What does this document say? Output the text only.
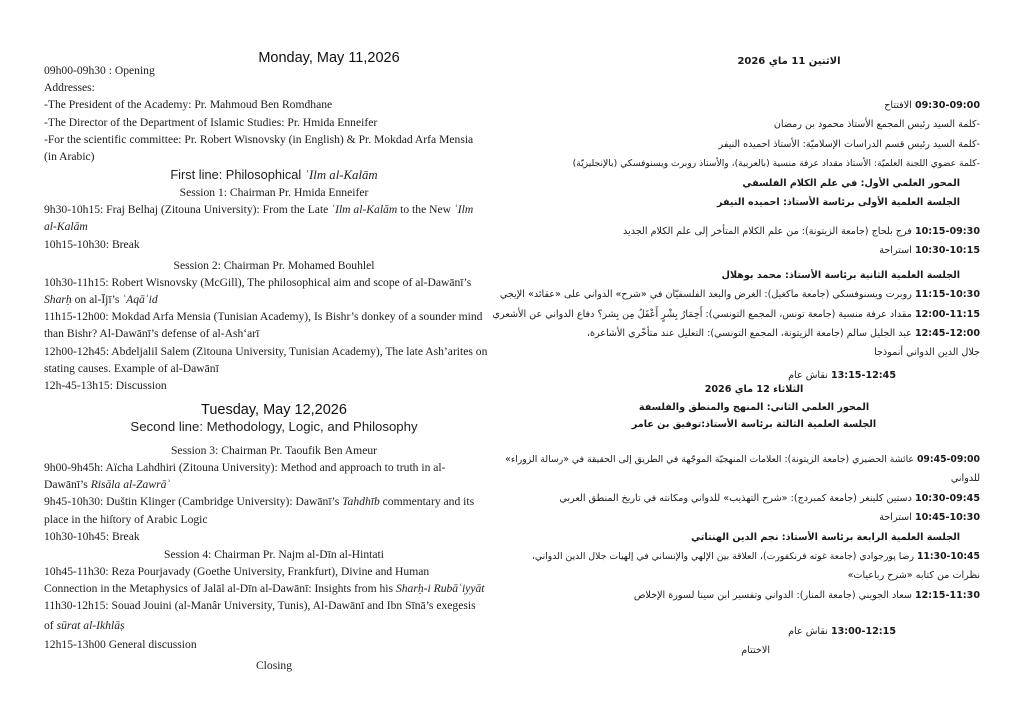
Monday, May 11,2026
09h00-09h30 : Opening
Addresses:
-The President of the Academy: Pr. Mahmoud Ben Romdhane
-The Director of the Department of Islamic Studies: Pr. Hmida Enneifer
-For the scientific committee: Pr. Robert Wisnovsky (in English) & Pr. Mokdad Arfa Mensia
(in Arabic)
First line: Philosophical ʿIlm al-Kalām
Session 1: Chairman Pr. Hmida Enneifer
9h30-10h15: Fraj Belhaj (Zitouna University): From the Late ʿIlm al-Kalām to the New ʿIlm
al-Kalām
10h15-10h30: Break
Session 2: Chairman Pr. Mohamed Bouhlel
10h30-11h15: Robert Wisnovsky (McGill), The philosophical aim and scope of al-Dawānī’s
Sharḥ on al-Ījī’s ʿAqāʾid
11h15-12h00: Mokdad Arfa Mensia (Tunisian Academy), Is Bishr’s donkey of a sounder mind
than Bishr? Al-Dawānī’s defense of al-Ash‘arī
12h00-12h45: Abdeljalil Salem (Zitouna University, Tunisian Academy), The late Ash’arites on
stating causes. Example of al-Dawānī
12h-45-13h15: Discussion
Tuesday, May 12,2026
Second line: Methodology, Logic, and Philosophy
Session 3: Chairman Pr. Taoufik Ben Ameur
9h00-9h45h: Aïcha Lahdhiri (Zitouna University): Method and approach to truth in al-
Dawānī’s Risāla al-Zawrāʾ
9h45-10h30: Duštin Klinger (Cambridge University): Dawānī’s Tahdhīb commentary and its
place in the hiſtory of Arabic Logic
10h30-10h45: Break
Session 4: Chairman Pr. Najm al-Dīn al-Hintati
10h45-11h30: Reza Pourjavady (Goethe University, Frankfurt), Divine and Human
Connection in the Metaphysics of Jalāl al-Dīn al-Dawānī: Insights from his Sharḥ-i Rubāʿiyyāt
11h30-12h15: Souad Jouini (al-Manâr University, Tunis), Al-Dawānī and Ibn Sīnā’s exegesis
of sūrat al-Ikhlāṣ
12h15-13h00 General discussion
Closing
الاثنين 11 ماي 2026
09:30-09:00 الافتتاح
-كلمة السيد رئيس المجمع الأستاذ محمود بن رمضان
-كلمة السيد رئيس قسم الدراسات الإسلاميّة: الأستاذ احميده النيفر
-كلمة عضوي اللجنة العلميّة: الأستاذ مقداد عرفة منسية (بالعربية)، والأستاذ روبرت ويسنوفسكي (بالإنجليزيّة)
المحور العلمي الأول: في علم الكلام الفلسفي
الجلسة العلمية الأولى برئاسة الأستاذ: احميده النيفر
10:15-09:30 فرج بلحاج (جامعة الزيتونة): من علم الكلام المتأخر إلى علم الكلام الجديد
10:30-10:15 استراحة
الجلسة العلمية الثانية برئاسة الأستاذ: محمد بوهلال
11:15-10:30 روبرت ويسنوفسكي (جامعة ماكغيل): الغرض والبعد الفلسفيّان في «شرح» الدواني على «عقائد» الإيجي
12:00-11:15 مقداد عرفة منسية (جامعة تونس، المجمع التونسي): أَحِمَارُ بِشْرٍ أَعْقَلُ مِن بِشر؟ دفاع الدواني عن الأشعري
12:45-12:00 عبد الجليل سالم (جامعة الزيتونة، المجمع التونسي): التعليل عند متأخّري الأشاعرة،
جلال الدين الدواني أنموذجا
13:15-12:45 نقاش عام
الثلاثاء 12 ماي 2026
المحور العلمي الثاني: المنهج والمنطق والفلسفة
الجلسة العلمية الثالثة برئاسة الأستاذ:توفيق بن عامر
09:45-09:00 عائشة الحضيري (جامعة الزيتونة): العلامات المنهجيّة الموجّهة في الطريق إلى الحقيقة في «رسالة الزوراء»
للدواني
10:30-09:45 دستين كلينغر (جامعة كمبردج): «شرح التهذيب» للدواني ومكانته في تاريخ المنطق العربي
10:45-10:30 استراحة
الجلسة العلمية الرابعة برئاسة الأستاذ: نجم الدين الهنتاتي
11:30-10:45 رضا پورجوادي (جامعة غوته فرنكفورت)، العلاقة بين الإلهي والإنساني في إلهيات جلال الدين الدواني،
نظرات من كتابه «شرح رباعيات»
12:15-11:30 سعاد الجويني (جامعة المنار): الدواني وتفسير ابن سينا لسورة الإخلاص
13:00-12:15 نقاش عام
الاختتام
